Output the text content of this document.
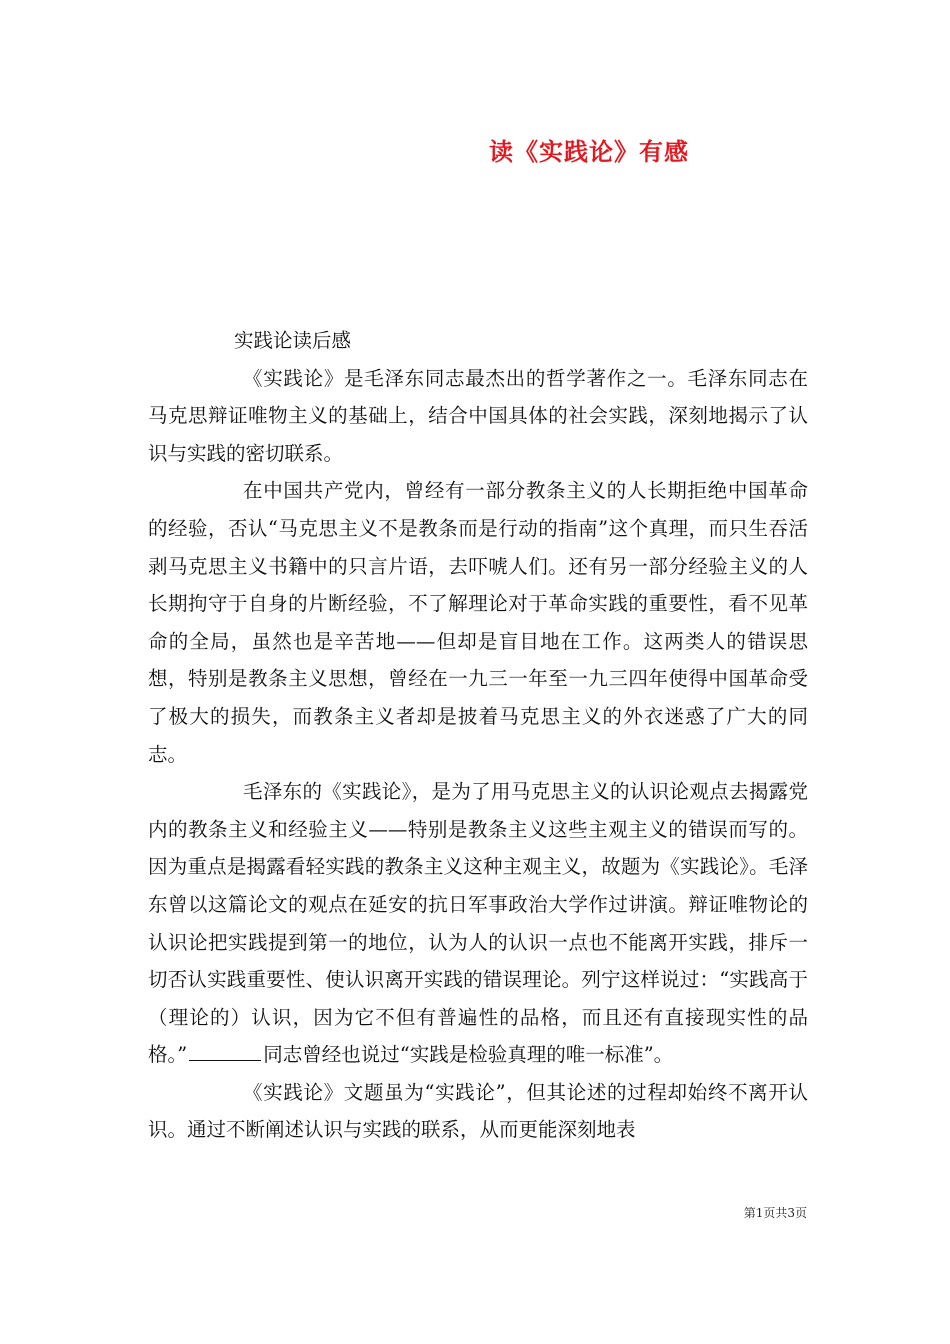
读《实践论》有感
实践论读后感

《实践论》是毛泽东同志最杰出的哲学著作之一。毛泽东同志在马克思辩证唯物主义的基础上，结合中国具体的社会实践，深刻地揭示了认识与实践的密切联系。

在中国共产党内，曾经有一部分教条主义的人长期拒绝中国革命的经验，否认“马克思主义不是教条而是行动的指南”这个真理，而只生吞活剥马克思主义书籍中的只言片语，去吓唬人们。还有另一部分经验主义的人长期拘守于自身的片断经验，不了解理论对于革命实践的重要性，看不见革命的全局，虽然也是辛苦地——但却是盲目地在工作。这两类人的错误思想，特别是教条主义思想，曾经在一九三一年至一九三四年使得中国革命受了极大的损失，而教条主义者却是披着马克思主义的外衣迷惑了广大的同志。

毛泽东的《实践论》，是为了用马克思主义的认识论观点去揭露党内的教条主义和经验主义——特别是教条主义这些主观主义的错误而写的。因为重点是揭露看轻实践的教条主义这种主观主义，故题为《实践论》。毛泽东曾以这篇论文的观点在延安的抗日军事政治大学作过讲演。辩证唯物论的认识论把实践提到第一的地位，认为人的认识一点也不能离开实践，排斥一切否认实践重要性、使认识离开实践的错误理论。列宁这样说过：“实践高于（理论的）认识，因为它不但有普遍性的品格，而且还有直接现实性的品格。”	同志曾经也说过“实践是检验真理的唯一标准”。

《实践论》文题虽为“实践论”，但其论述的过程却始终不离开认识。通过不断阐述认识与实践的联系，从而更能深刻地表

第1页共3页
